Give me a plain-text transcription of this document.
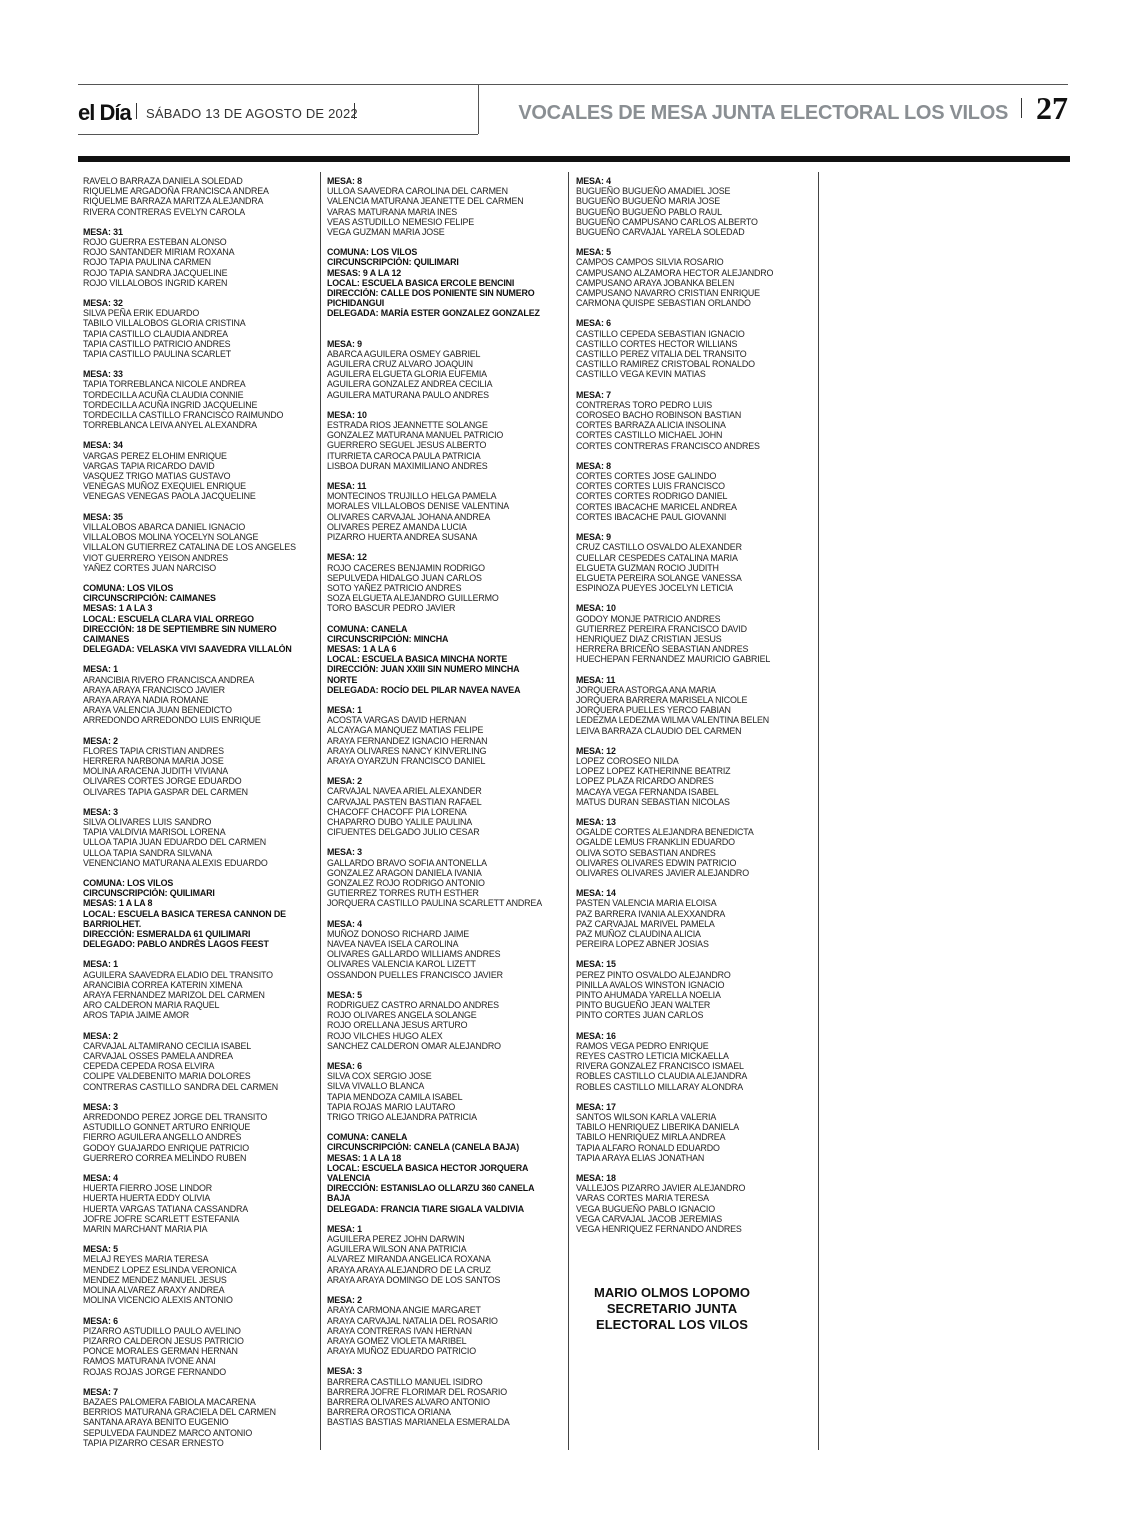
el Día SÁBADO 13 DE AGOSTO DE 2022	VOCALES DE MESA JUNTA ELECTORAL LOS VILOS 27
RAVELO BARRAZA DANIELA SOLEDAD
RIQUELME ARGADOÑA FRANCISCA ANDREA
RIQUELME BARRAZA MARITZA ALEJANDRA
RIVERA CONTRERAS EVELYN CAROLA
MESA: 31
ROJO GUERRA ESTEBAN ALONSO
ROJO SANTANDER MIRIAM ROXANA
ROJO TAPIA PAULINA CARMEN
ROJO TAPIA SANDRA JACQUELINE
ROJO VILLALOBOS INGRID KAREN
MESA: 32
SILVA PEÑA ERIK EDUARDO
TABILO VILLALOBOS GLORIA CRISTINA
TAPIA CASTILLO CLAUDIA ANDREA
TAPIA CASTILLO PATRICIO ANDRES
TAPIA CASTILLO PAULINA SCARLET
MESA: 33
TAPIA TORREBLANCA NICOLE ANDREA
TORDECILLA ACUÑA CLAUDIA CONNIE
TORDECILLA ACUÑA INGRID JACQUELINE
TORDECILLA CASTILLO FRANCISCO RAIMUNDO
TORREBLANCA LEIVA ANYEL ALEXANDRA
MESA: 34
VARGAS PEREZ ELOHIM ENRIQUE
VARGAS TAPIA RICARDO DAVID
VASQUEZ TRIGO MATIAS GUSTAVO
VENEGAS MUÑOZ EXEQUIEL ENRIQUE
VENEGAS VENEGAS PAOLA JACQUELINE
MESA: 35
VILLALOBOS ABARCA DANIEL IGNACIO
VILLALOBOS MOLINA YOCELYN SOLANGE
VILLALON GUTIERREZ CATALINA DE LOS ANGELES
VIOT GUERRERO YEISON ANDRES
YAÑEZ CORTES JUAN NARCISO
COMUNA: LOS VILOS
CIRCUNSCRIPCIÓN: CAIMANES
MESAS: 1 A LA 3
LOCAL: ESCUELA CLARA VIAL ORREGO
DIRECCIÓN: 18 DE SEPTIEMBRE SIN NUMERO
CAIMANES
DELEGADA: VELASKA VIVI SAAVEDRA VILLALÓN
MESA: 1
ARANCIBIA RIVERO FRANCISCA ANDREA
ARAYA ARAYA FRANCISCO JAVIER
ARAYA ARAYA NADIA ROMANE
ARAYA VALENCIA JUAN BENEDICTO
ARREDONDO ARREDONDO LUIS ENRIQUE
MESA: 2
FLORES TAPIA CRISTIAN ANDRES
HERRERA NARBONA MARIA JOSE
MOLINA ARACENA JUDITH VIVIANA
OLIVARES CORTES JORGE EDUARDO
OLIVARES TAPIA GASPAR DEL CARMEN
MESA: 3
SILVA OLIVARES LUIS SANDRO
TAPIA VALDIVIA MARISOL LORENA
ULLOA TAPIA JUAN EDUARDO DEL CARMEN
ULLOA TAPIA SANDRA SILVANA
VENENCIANO MATURANA ALEXIS EDUARDO
COMUNA: LOS VILOS
CIRCUNSCRIPCIÓN: QUILIMARI
MESAS: 1 A LA 8
LOCAL: ESCUELA BASICA TERESA CANNON DE
BARRIOLHET.
DIRECCIÓN: ESMERALDA 61 QUILIMARI
DELEGADO: PABLO ANDRÉS LAGOS FEEST
MESA: 1
AGUILERA SAAVEDRA ELADIO DEL TRANSITO
ARANCIBIA CORREA KATERIN XIMENA
ARAYA FERNANDEZ MARIZOL DEL CARMEN
ARO CALDERON MARIA RAQUEL
AROS TAPIA JAIME AMOR
MESA: 2
CARVAJAL ALTAMIRANO CECILIA ISABEL
CARVAJAL OSSES PAMELA ANDREA
CEPEDA CEPEDA ROSA ELVIRA
COLIPE VALDEBENITO MARIA DOLORES
CONTRERAS CASTILLO SANDRA DEL CARMEN
MESA: 3
ARREDONDO PEREZ JORGE DEL TRANSITO
ASTUDILLO GONNET ARTURO ENRIQUE
FIERRO AGUILERA ANGELLO ANDRES
GODOY GUAJARDO ENRIQUE PATRICIO
GUERRERO CORREA MELINDO RUBEN
MESA: 4
HUERTA FIERRO JOSE LINDOR
HUERTA HUERTA EDDY OLIVIA
HUERTA VARGAS TATIANA CASSANDRA
JOFRE JOFRE SCARLETT ESTEFANIA
MARIN MARCHANT MARIA PIA
MESA: 5
MELAJ REYES MARIA TERESA
MENDEZ LOPEZ ESLINDA VERONICA
MENDEZ MENDEZ MANUEL JESUS
MOLINA ALVAREZ ARAXY ANDREA
MOLINA VICENCIO ALEXIS ANTONIO
MESA: 6
PIZARRO ASTUDILLO PAULO AVELINO
PIZARRO CALDERON JESUS PATRICIO
PONCE MORALES GERMAN HERNAN
RAMOS MATURANA IVONE ANAI
ROJAS ROJAS JORGE FERNANDO
MESA: 7
BAZAES PALOMERA FABIOLA MACARENA
BERRIOS MATURANA GRACIELA DEL CARMEN
SANTANA ARAYA BENITO EUGENIO
SEPULVEDA FAUNDEZ MARCO ANTONIO
TAPIA PIZARRO CESAR ERNESTO
MESA: 8
ULLOA SAAVEDRA CAROLINA DEL CARMEN
VALENCIA MATURANA JEANETTE DEL CARMEN
VARAS MATURANA MARIA INES
VEAS ASTUDILLO NEMESIO FELIPE
VEGA GUZMAN MARIA JOSE
COMUNA: LOS VILOS
CIRCUNSCRIPCIÓN: QUILIMARI
MESAS: 9 A LA 12
LOCAL: ESCUELA BASICA ERCOLE BENCINI
DIRECCIÓN: CALLE DOS PONIENTE SIN NUMERO
PICHIDANGUI
DELEGADA: MARÍA ESTER GONZALEZ GONZALEZ
MESA: 9
ABARCA AGUILERA OSMEY GABRIEL
AGUILERA CRUZ ALVARO JOAQUIN
AGUILERA ELGUETA GLORIA EUFEMIA
AGUILERA GONZALEZ ANDREA CECILIA
AGUILERA MATURANA PAULO ANDRES
MESA: 10
ESTRADA RIOS JEANNETTE SOLANGE
GONZALEZ MATURANA MANUEL PATRICIO
GUERRERO SEGUEL JESUS ALBERTO
ITURRIETA CAROCA PAULA PATRICIA
LISBOA DURAN MAXIMILIANO ANDRES
MESA: 11
MONTECINOS TRUJILLO HELGA PAMELA
MORALES VILLALOBOS DENISE VALENTINA
OLIVARES CARVAJAL JOHANA ANDREA
OLIVARES PEREZ AMANDA LUCIA
PIZARRO HUERTA ANDREA SUSANA
MESA: 12
ROJO CACERES BENJAMIN RODRIGO
SEPULVEDA HIDALGO JUAN CARLOS
SOTO YAÑEZ PATRICIO ANDRES
SOZA ELGUETA ALEJANDRO GUILLERMO
TORO BASCUR PEDRO JAVIER
COMUNA: CANELA
CIRCUNSCRIPCIÓN: MINCHA
MESAS: 1 A LA 6
LOCAL: ESCUELA BASICA MINCHA NORTE
DIRECCIÓN: JUAN XXIII SIN NUMERO MINCHA
NORTE
DELEGADA: ROCÍO DEL PILAR NAVEA NAVEA
MESA: 1
ACOSTA VARGAS DAVID HERNAN
ALCAYAGA MANQUEZ MATIAS FELIPE
ARAYA FERNANDEZ IGNACIO HERNAN
ARAYA OLIVARES NANCY KINVERLING
ARAYA OYARZUN FRANCISCO DANIEL
MESA: 2
CARVAJAL NAVEA ARIEL ALEXANDER
CARVAJAL PASTEN BASTIAN RAFAEL
CHACOFF CHACOFF PIA LORENA
CHAPARRO DUBO YALILE PAULINA
CIFUENTES DELGADO JULIO CESAR
MESA: 3
GALLARDO BRAVO SOFIA ANTONELLA
GONZALEZ ARAGON DANIELA IVANIA
GONZALEZ ROJO RODRIGO ANTONIO
GUTIERREZ TORRES RUTH ESTHER
JORQUERA CASTILLO PAULINA SCARLETT ANDREA
MESA: 4
MUÑOZ DONOSO RICHARD JAIME
NAVEA NAVEA ISELA CAROLINA
OLIVARES GALLARDO WILLIAMS ANDRES
OLIVARES VALENCIA KAROL LIZETT
OSSANDON PUELLES FRANCISCO JAVIER
MESA: 5
RODRIGUEZ CASTRO ARNALDO ANDRES
ROJO OLIVARES ANGELA SOLANGE
ROJO ORELLANA JESUS ARTURO
ROJO VILCHES HUGO ALEX
SANCHEZ CALDERON OMAR ALEJANDRO
MESA: 6
SILVA COX SERGIO JOSE
SILVA VIVALLO BLANCA
TAPIA MENDOZA CAMILA ISABEL
TAPIA ROJAS MARIO LAUTARO
TRIGO TRIGO ALEJANDRA PATRICIA
COMUNA: CANELA
CIRCUNSCRIPCIÓN: CANELA (CANELA BAJA)
MESAS: 1 A LA 18
LOCAL: ESCUELA BASICA HECTOR JORQUERA
VALENCIA
DIRECCIÓN: ESTANISLAO OLLARZU 360 CANELA
BAJA
DELEGADA: FRANCIA TIARE SIGALA VALDIVIA
MESA: 1
AGUILERA PEREZ JOHN DARWIN
AGUILERA WILSON ANA PATRICIA
ALVAREZ MIRANDA ANGELICA ROXANA
ARAYA ARAYA ALEJANDRO DE LA CRUZ
ARAYA ARAYA DOMINGO DE LOS SANTOS
MESA: 2
ARAYA CARMONA ANGIE MARGARET
ARAYA CARVAJAL NATALIA DEL ROSARIO
ARAYA CONTRERAS IVAN HERNAN
ARAYA GOMEZ VIOLETA MARIBEL
ARAYA MUÑOZ EDUARDO PATRICIO
MESA: 3
BARRERA CASTILLO MANUEL ISIDRO
BARRERA JOFRE FLORIMAR DEL ROSARIO
BARRERA OLIVARES ALVARO ANTONIO
BARRERA OROSTICA ORIANA
BASTIAS BASTIAS MARIANELA ESMERALDA
MESA: 4
BUGUEÑO BUGUEÑO AMADIEL JOSE
BUGUEÑO BUGUEÑO MARIA JOSE
BUGUEÑO BUGUEÑO PABLO RAUL
BUGUEÑO CAMPUSANO CARLOS ALBERTO
BUGUEÑO CARVAJAL YARELA SOLEDAD
MESA: 5
CAMPOS CAMPOS SILVIA ROSARIO
CAMPUSANO ALZAMORA HECTOR ALEJANDRO
CAMPUSANO ARAYA JOBANKA BELEN
CAMPUSANO NAVARRO CRISTIAN ENRIQUE
CARMONA QUISPE SEBASTIAN ORLANDO
MESA: 6
CASTILLO CEPEDA SEBASTIAN IGNACIO
CASTILLO CORTES HECTOR WILLIANS
CASTILLO PEREZ VITALIA DEL TRANSITO
CASTILLO RAMIREZ CRISTOBAL RONALDO
CASTILLO VEGA KEVIN MATIAS
MESA: 7
CONTRERAS TORO PEDRO LUIS
COROSEO BACHO ROBINSON BASTIAN
CORTES BARRAZA ALICIA INSOLINA
CORTES CASTILLO MICHAEL JOHN
CORTES CONTRERAS FRANCISCO ANDRES
MESA: 8
CORTES CORTES JOSE GALINDO
CORTES CORTES LUIS FRANCISCO
CORTES CORTES RODRIGO DANIEL
CORTES IBACACHE MARICEL ANDREA
CORTES IBACACHE PAUL GIOVANNI
MESA: 9
CRUZ CASTILLO OSVALDO ALEXANDER
CUELLAR CESPEDES CATALINA MARIA
ELGUETA GUZMAN ROCIO JUDITH
ELGUETA PEREIRA SOLANGE VANESSA
ESPINOZA PUEYES JOCELYN LETICIA
MESA: 10
GODOY MONJE PATRICIO ANDRES
GUTIERREZ PEREIRA FRANCISCO DAVID
HENRIQUEZ DIAZ CRISTIAN JESUS
HERRERA BRICEÑO SEBASTIAN ANDRES
HUECHEPAN FERNANDEZ MAURICIO GABRIEL
MESA: 11
JORQUERA ASTORGA ANA MARIA
JORQUERA BARRERA MARISELA NICOLE
JORQUERA PUELLES YERCO FABIAN
LEDEZMA LEDEZMA WILMA VALENTINA BELEN
LEIVA BARRAZA CLAUDIO DEL CARMEN
MESA: 12
LOPEZ COROSEO NILDA
LOPEZ LOPEZ KATHERINNE BEATRIZ
LOPEZ PLAZA RICARDO ANDRES
MACAYA VEGA FERNANDA ISABEL
MATUS DURAN SEBASTIAN NICOLAS
MESA: 13
OGALDE CORTES ALEJANDRA BENEDICTA
OGALDE LEMUS FRANKLIN EDUARDO
OLIVA SOTO SEBASTIAN ANDRES
OLIVARES OLIVARES EDWIN PATRICIO
OLIVARES OLIVARES JAVIER ALEJANDRO
MESA: 14
PASTEN VALENCIA MARIA ELOISA
PAZ BARRERA IVANIA ALEXXANDRA
PAZ CARVAJAL MARIVEL PAMELA
PAZ MUÑOZ CLAUDINA ALICIA
PEREIRA LOPEZ ABNER JOSIAS
MESA: 15
PEREZ PINTO OSVALDO ALEJANDRO
PINILLA AVALOS WINSTON IGNACIO
PINTO AHUMADA YARELLA NOELIA
PINTO BUGUEÑO JEAN WALTER
PINTO CORTES JUAN CARLOS
MESA: 16
RAMOS VEGA PEDRO ENRIQUE
REYES CASTRO LETICIA MICKAELLA
RIVERA GONZALEZ FRANCISCO ISMAEL
ROBLES CASTILLO CLAUDIA ALEJANDRA
ROBLES CASTILLO MILLARAY ALONDRA
MESA: 17
SANTOS WILSON KARLA VALERIA
TABILO HENRIQUEZ LIBERIKA DANIELA
TABILO HENRIQUEZ MIRLA ANDREA
TAPIA ALFARO RONALD EDUARDO
TAPIA ARAYA ELIAS JONATHAN
MESA: 18
VALLEJOS PIZARRO JAVIER ALEJANDRO
VARAS CORTES MARIA TERESA
VEGA BUGUEÑO PABLO IGNACIO
VEGA CARVAJAL JACOB JEREMIAS
VEGA HENRIQUEZ FERNANDO ANDRES
MARIO OLMOS LOPOMO
SECRETARIO JUNTA
ELECTORAL LOS VILOS
